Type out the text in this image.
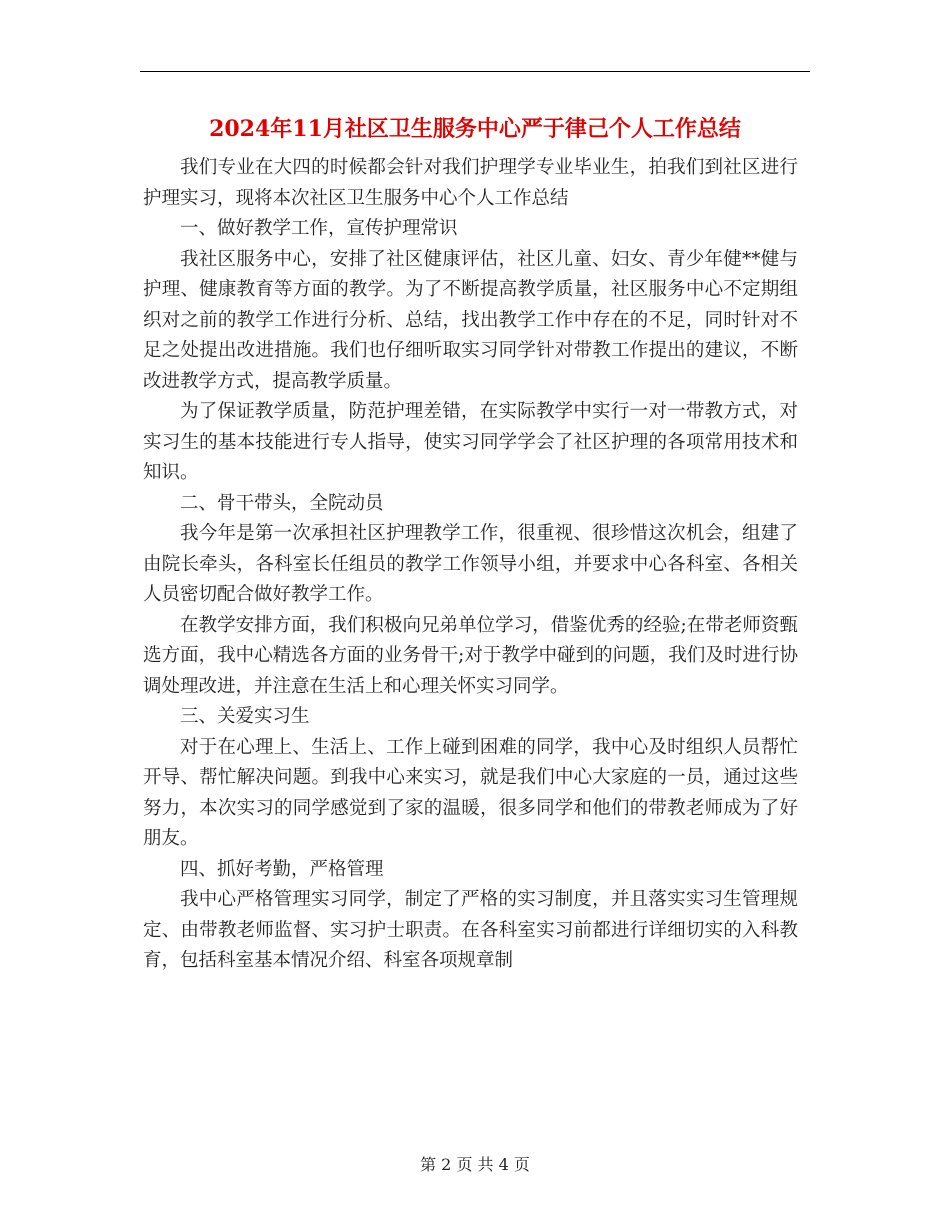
2024年11月社区卫生服务中心严于律己个人工作总结

我们专业在大四的时候都会针对我们护理学专业毕业生，拍我们到社区进行护理实习，现将本次社区卫生服务中心个人工作总结

一、做好教学工作，宣传护理常识

我社区服务中心，安排了社区健康评估，社区儿童、妇女、青少年健**健与护理、健康教育等方面的教学。为了不断提高教学质量，社区服务中心不定期组织对之前的教学工作进行分析、总结，找出教学工作中存在的不足，同时针对不足之处提出改进措施。我们也仔细听取实习同学针对带教工作提出的建议，不断改进教学方式，提高教学质量。

为了保证教学质量，防范护理差错，在实际教学中实行一对一带教方式，对实习生的基本技能进行专人指导，使实习同学学会了社区护理的各项常用技术和知识。

二、骨干带头，全院动员

我今年是第一次承担社区护理教学工作，很重视、很珍惜这次机会，组建了由院长牵头，各科室长任组员的教学工作领导小组，并要求中心各科室、各相关人员密切配合做好教学工作。

在教学安排方面，我们积极向兄弟单位学习，借鉴优秀的经验;在带老师资甄选方面，我中心精选各方面的业务骨干;对于教学中碰到的问题，我们及时进行协调处理改进，并注意在生活上和心理关怀实习同学。

三、关爱实习生

对于在心理上、生活上、工作上碰到困难的同学，我中心及时组织人员帮忙开导、帮忙解决问题。到我中心来实习，就是我们中心大家庭的一员，通过这些努力，本次实习的同学感觉到了家的温暖，很多同学和他们的带教老师成为了好朋友。

四、抓好考勤，严格管理

我中心严格管理实习同学，制定了严格的实习制度，并且落实实习生管理规定、由带教老师监督、实习护士职责。在各科室实习前都进行详细切实的入科教育，包括科室基本情况介绍、科室各项规章制

第 2 页 共 4 页
